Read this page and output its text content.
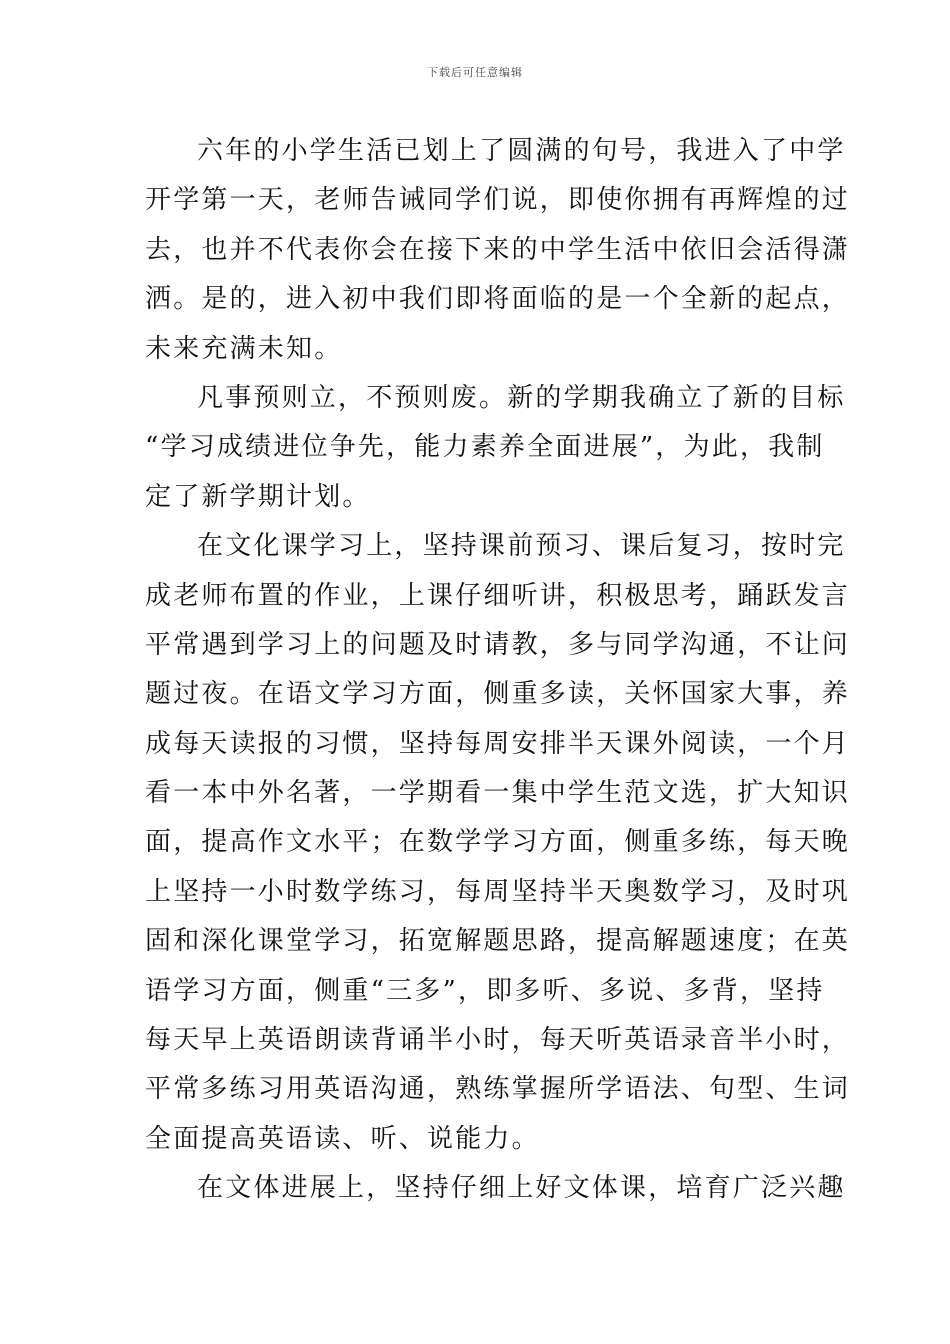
下载后可任意编辑
六年的小学生活已划上了圆满的句号，我进入了中学
开学第一天，老师告诫同学们说，即使你拥有再辉煌的过
去，也并不代表你会在接下来的中学生活中依旧会活得潇
洒。是的，进入初中我们即将面临的是一个全新的起点，
未来充满未知。
凡事预则立，不预则废。新的学期我确立了新的目标
“学习成绩进位争先，能力素养全面进展”，为此，我制
定了新学期计划。
在文化课学习上，坚持课前预习、课后复习，按时完
成老师布置的作业，上课仔细听讲，积极思考，踊跃发言
平常遇到学习上的问题及时请教，多与同学沟通，不让问
题过夜。在语文学习方面，侧重多读，关怀国家大事，养
成每天读报的习惯，坚持每周安排半天课外阅读，一个月
看一本中外名著，一学期看一集中学生范文选，扩大知识
面，提高作文水平；在数学学习方面，侧重多练，每天晚
上坚持一小时数学练习，每周坚持半天奥数学习，及时巩
固和深化课堂学习，拓宽解题思路，提高解题速度；在英
语学习方面，侧重“三多”，即多听、多说、多背，坚持
每天早上英语朗读背诵半小时，每天听英语录音半小时，
平常多练习用英语沟通，熟练掌握所学语法、句型、生词
全面提高英语读、听、说能力。
在文体进展上，坚持仔细上好文体课，培育广泛兴趣
